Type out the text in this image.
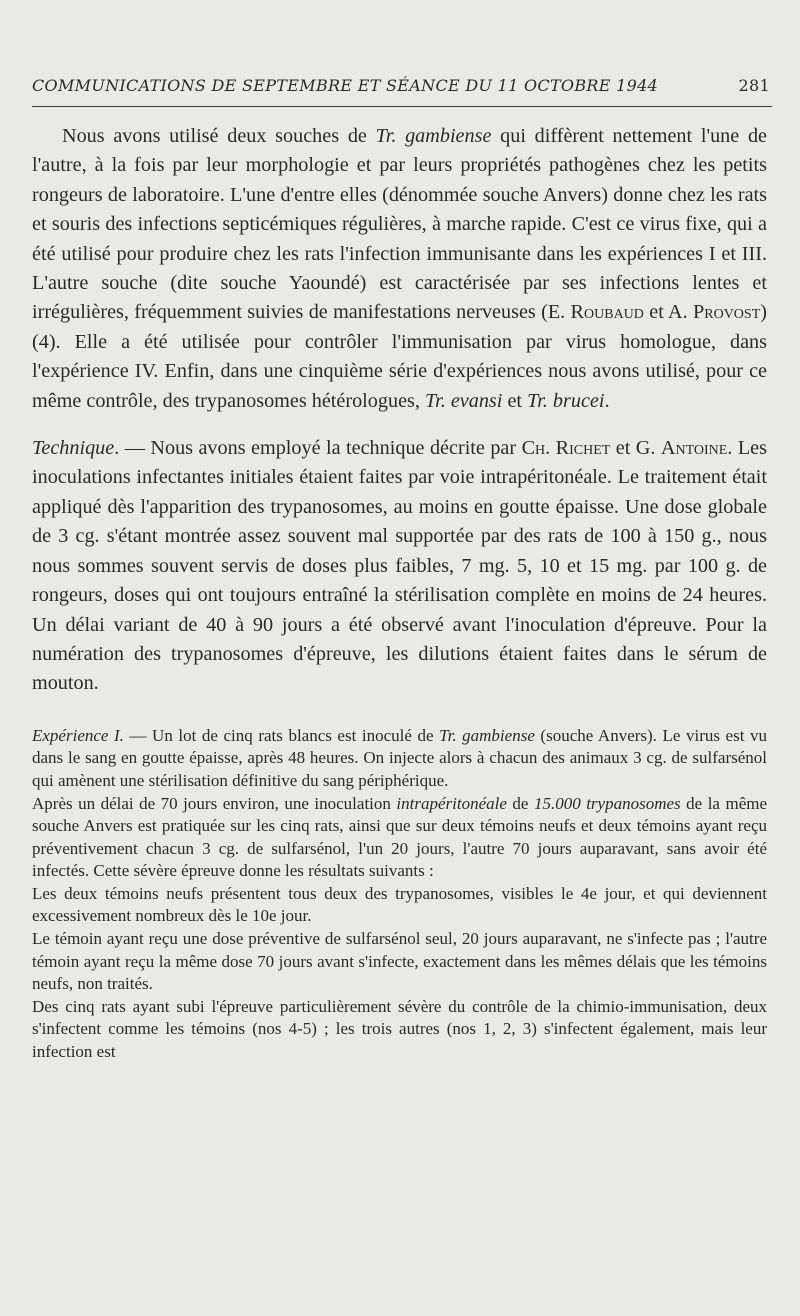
COMMUNICATIONS DE SEPTEMBRE ET SÉANCE DU 11 OCTOBRE 1944	281

Nous avons utilisé deux souches de Tr. gambiense qui diffèrent nettement l'une de l'autre, à la fois par leur morphologie et par leurs propriétés pathogènes chez les petits rongeurs de laboratoire. L'une d'entre elles (dénommée souche Anvers) donne chez les rats et souris des infections septicémiques régulières, à marche rapide. C'est ce virus fixe, qui a été utilisé pour produire chez les rats l'infection immunisante dans les expériences I et III. L'autre souche (dite souche Yaoundé) est caractérisée par ses infections lentes et irrégulières, fréquemment suivies de manifestations nerveuses (E. Roubaud et A. Provost) (4). Elle a été utilisée pour contrôler l'immunisation par virus homologue, dans l'expérience IV. Enfin, dans une cinquième série d'expériences nous avons utilisé, pour ce même contrôle, des trypanosomes hétérologues, Tr. evansi et Tr. brucei.

Technique. — Nous avons employé la technique décrite par Ch. Richet et G. Antoine. Les inoculations infectantes initiales étaient faites par voie intrapéritonéale. Le traitement était appliqué dès l'apparition des trypanosomes, au moins en goutte épaisse. Une dose globale de 3 cg. s'étant montrée assez souvent mal supportée par des rats de 100 à 150 g., nous nous sommes souvent servis de doses plus faibles, 7 mg. 5, 10 et 15 mg. par 100 g. de rongeurs, doses qui ont toujours entraîné la stérilisation complète en moins de 24 heures. Un délai variant de 40 à 90 jours a été observé avant l'inoculation d'épreuve. Pour la numération des trypanosomes d'épreuve, les dilutions étaient faites dans le sérum de mouton.

Expérience I. — Un lot de cinq rats blancs est inoculé de Tr. gambiense (souche Anvers). Le virus est vu dans le sang en goutte épaisse, après 48 heures. On injecte alors à chacun des animaux 3 cg. de sulfarsénol qui amènent une stérilisation définitive du sang périphérique.

Après un délai de 70 jours environ, une inoculation intrapéritonéale de 15.000 trypanosomes de la même souche Anvers est pratiquée sur les cinq rats, ainsi que sur deux témoins neufs et deux témoins ayant reçu préventivement chacun 3 cg. de sulfarsénol, l'un 20 jours, l'autre 70 jours auparavant, sans avoir été infectés. Cette sévère épreuve donne les résultats suivants :

Les deux témoins neufs présentent tous deux des trypanosomes, visibles le 4e jour, et qui deviennent excessivement nombreux dès le 10e jour.

Le témoin ayant reçu une dose préventive de sulfarsénol seul, 20 jours auparavant, ne s'infecte pas ; l'autre témoin ayant reçu la même dose 70 jours avant s'infecte, exactement dans les mêmes délais que les témoins neufs, non traités.

Des cinq rats ayant subi l'épreuve particulièrement sévère du contrôle de la chimio-immunisation, deux s'infectent comme les témoins (nos 4-5) ; les trois autres (nos 1, 2, 3) s'infectent également, mais leur infection est
